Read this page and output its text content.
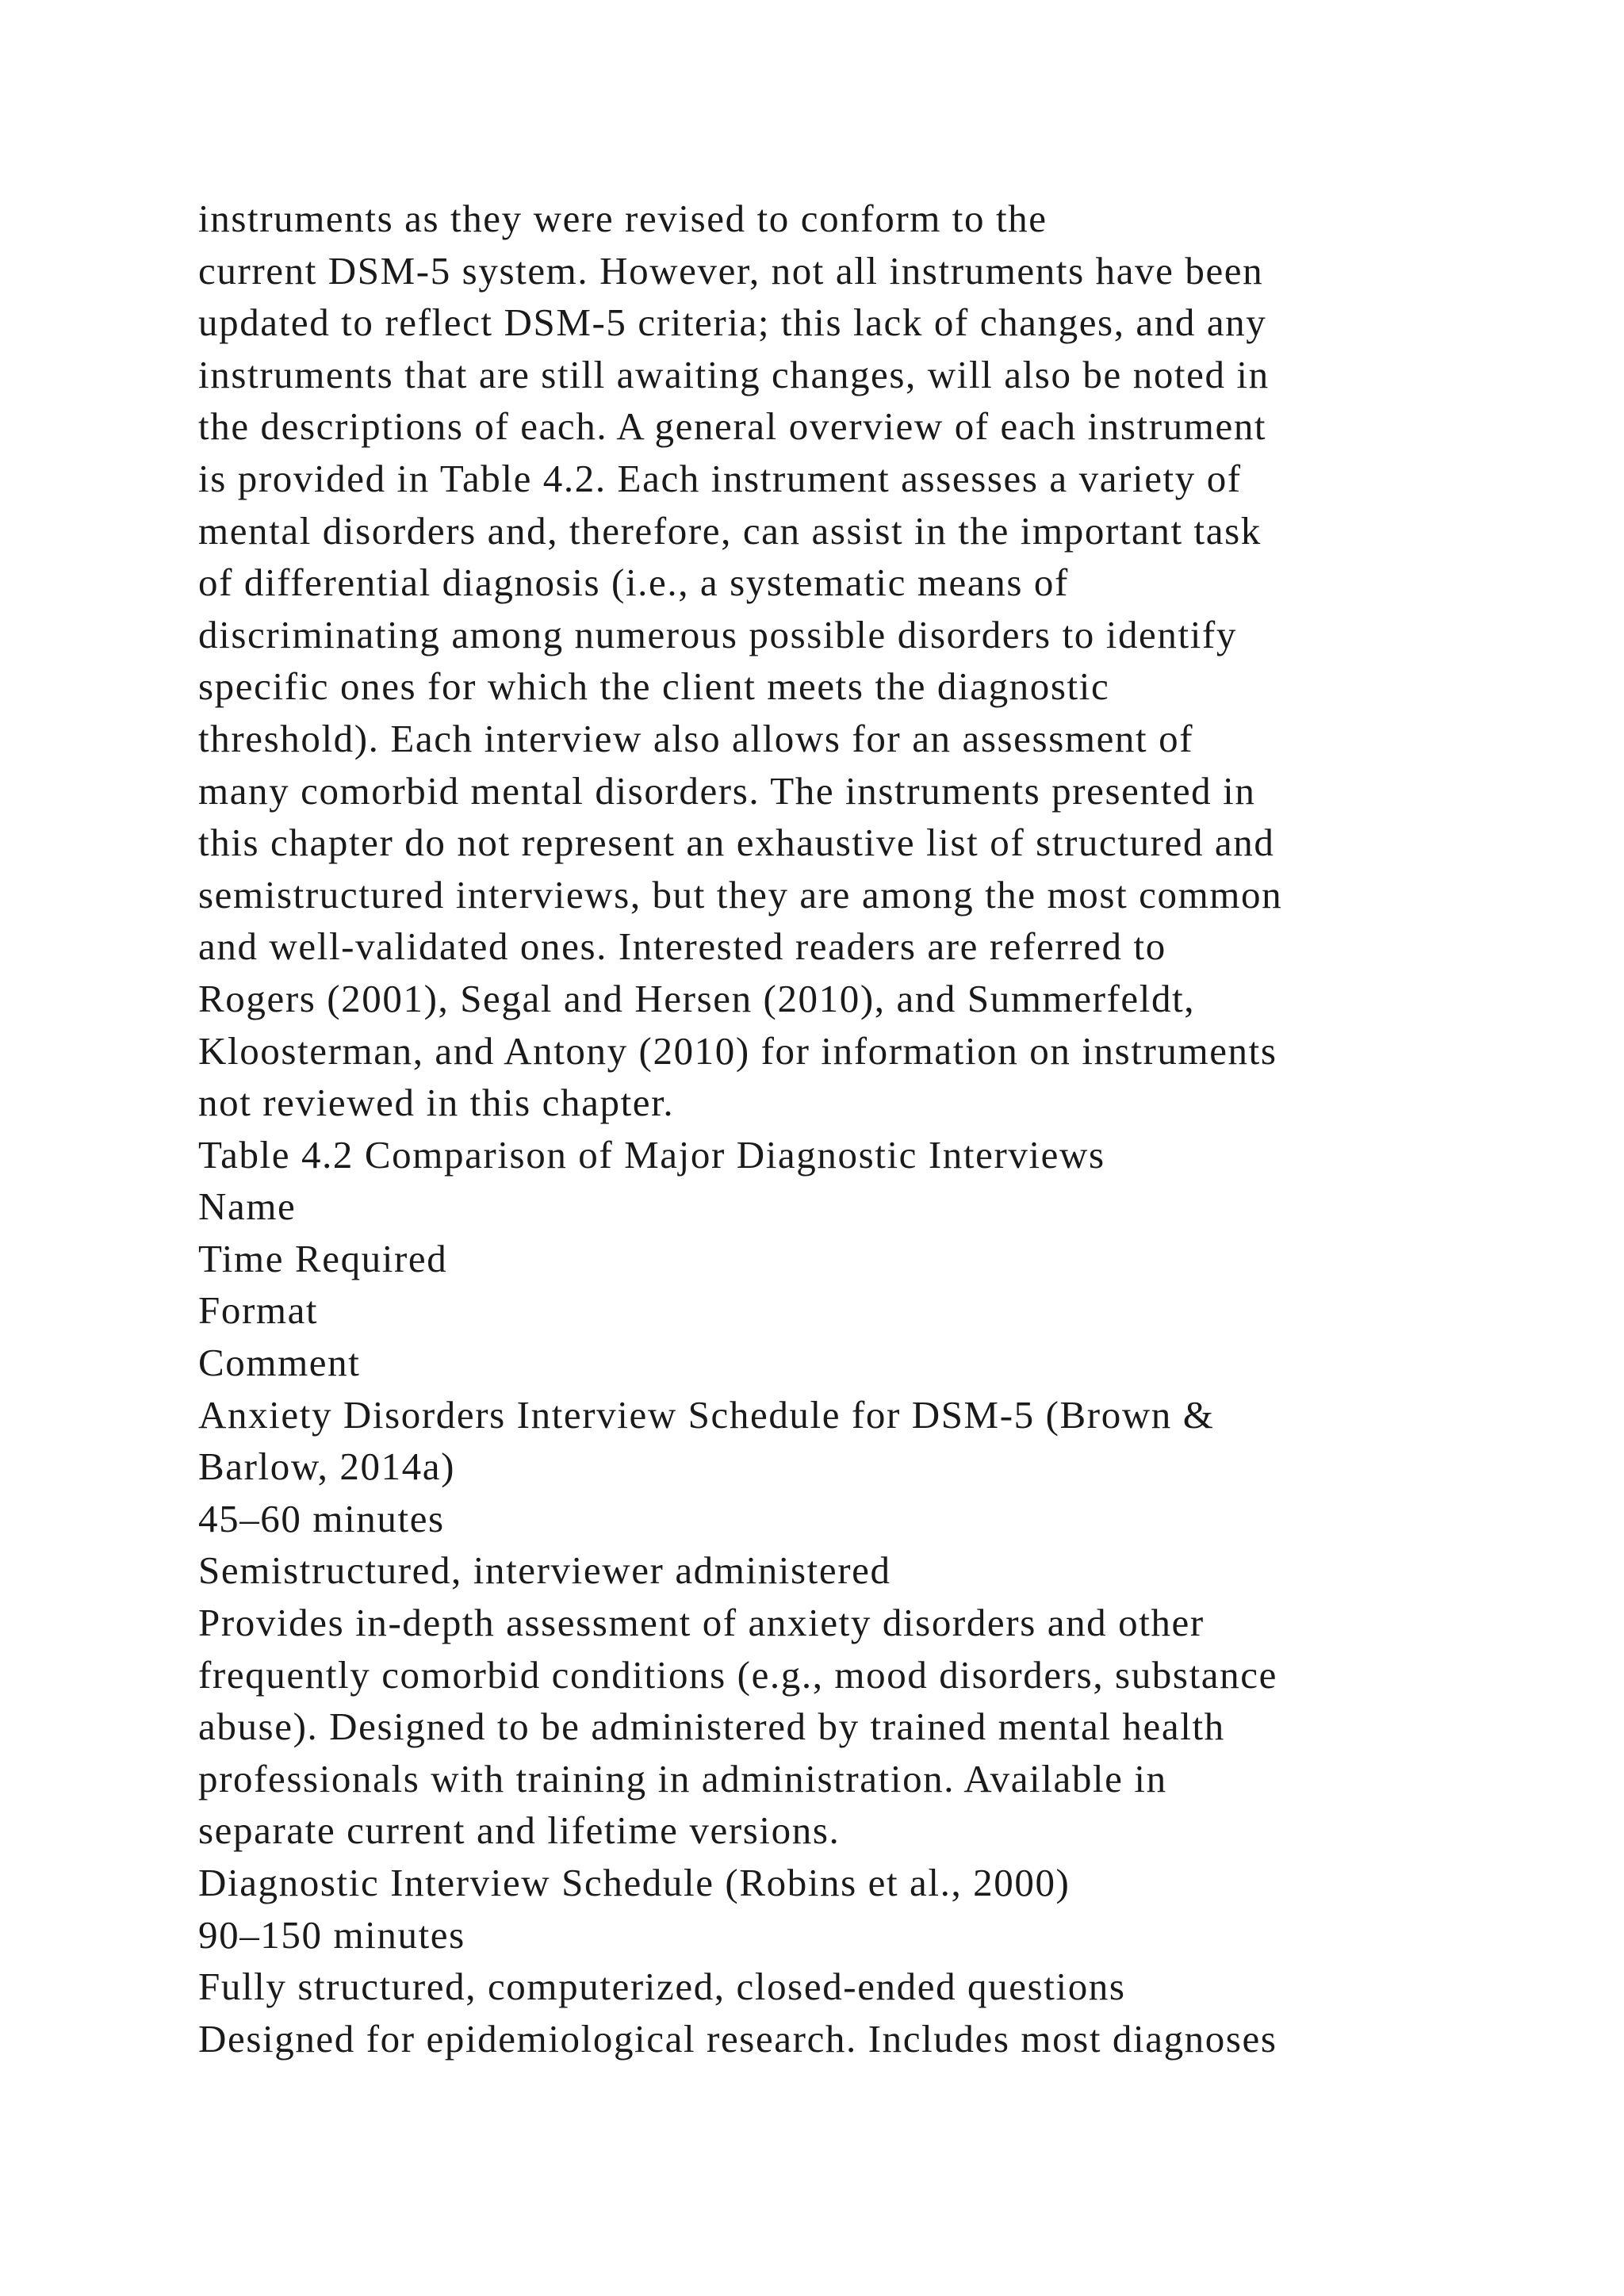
instruments as they were revised to conform to the
current DSM-5 system. However, not all instruments have been
updated to reflect DSM-5 criteria; this lack of changes, and any
instruments that are still awaiting changes, will also be noted in
the descriptions of each. A general overview of each instrument
is provided in Table 4.2. Each instrument assesses a variety of
mental disorders and, therefore, can assist in the important task
of differential diagnosis (i.e., a systematic means of
discriminating among numerous possible disorders to identify
specific ones for which the client meets the diagnostic
threshold). Each interview also allows for an assessment of
many comorbid mental disorders. The instruments presented in
this chapter do not represent an exhaustive list of structured and
semistructured interviews, but they are among the most common
and well-validated ones. Interested readers are referred to
Rogers (2001), Segal and Hersen (2010), and Summerfeldt,
Kloosterman, and Antony (2010) for information on instruments
not reviewed in this chapter.
Table 4.2 Comparison of Major Diagnostic Interviews
Name
Time Required
Format
Comment
Anxiety Disorders Interview Schedule for DSM-5 (Brown &
Barlow, 2014a)
45–60 minutes
Semistructured, interviewer administered
Provides in-depth assessment of anxiety disorders and other
frequently comorbid conditions (e.g., mood disorders, substance
abuse). Designed to be administered by trained mental health
professionals with training in administration. Available in
separate current and lifetime versions.
Diagnostic Interview Schedule (Robins et al., 2000)
90–150 minutes
Fully structured, computerized, closed-ended questions
Designed for epidemiological research. Includes most diagnoses
